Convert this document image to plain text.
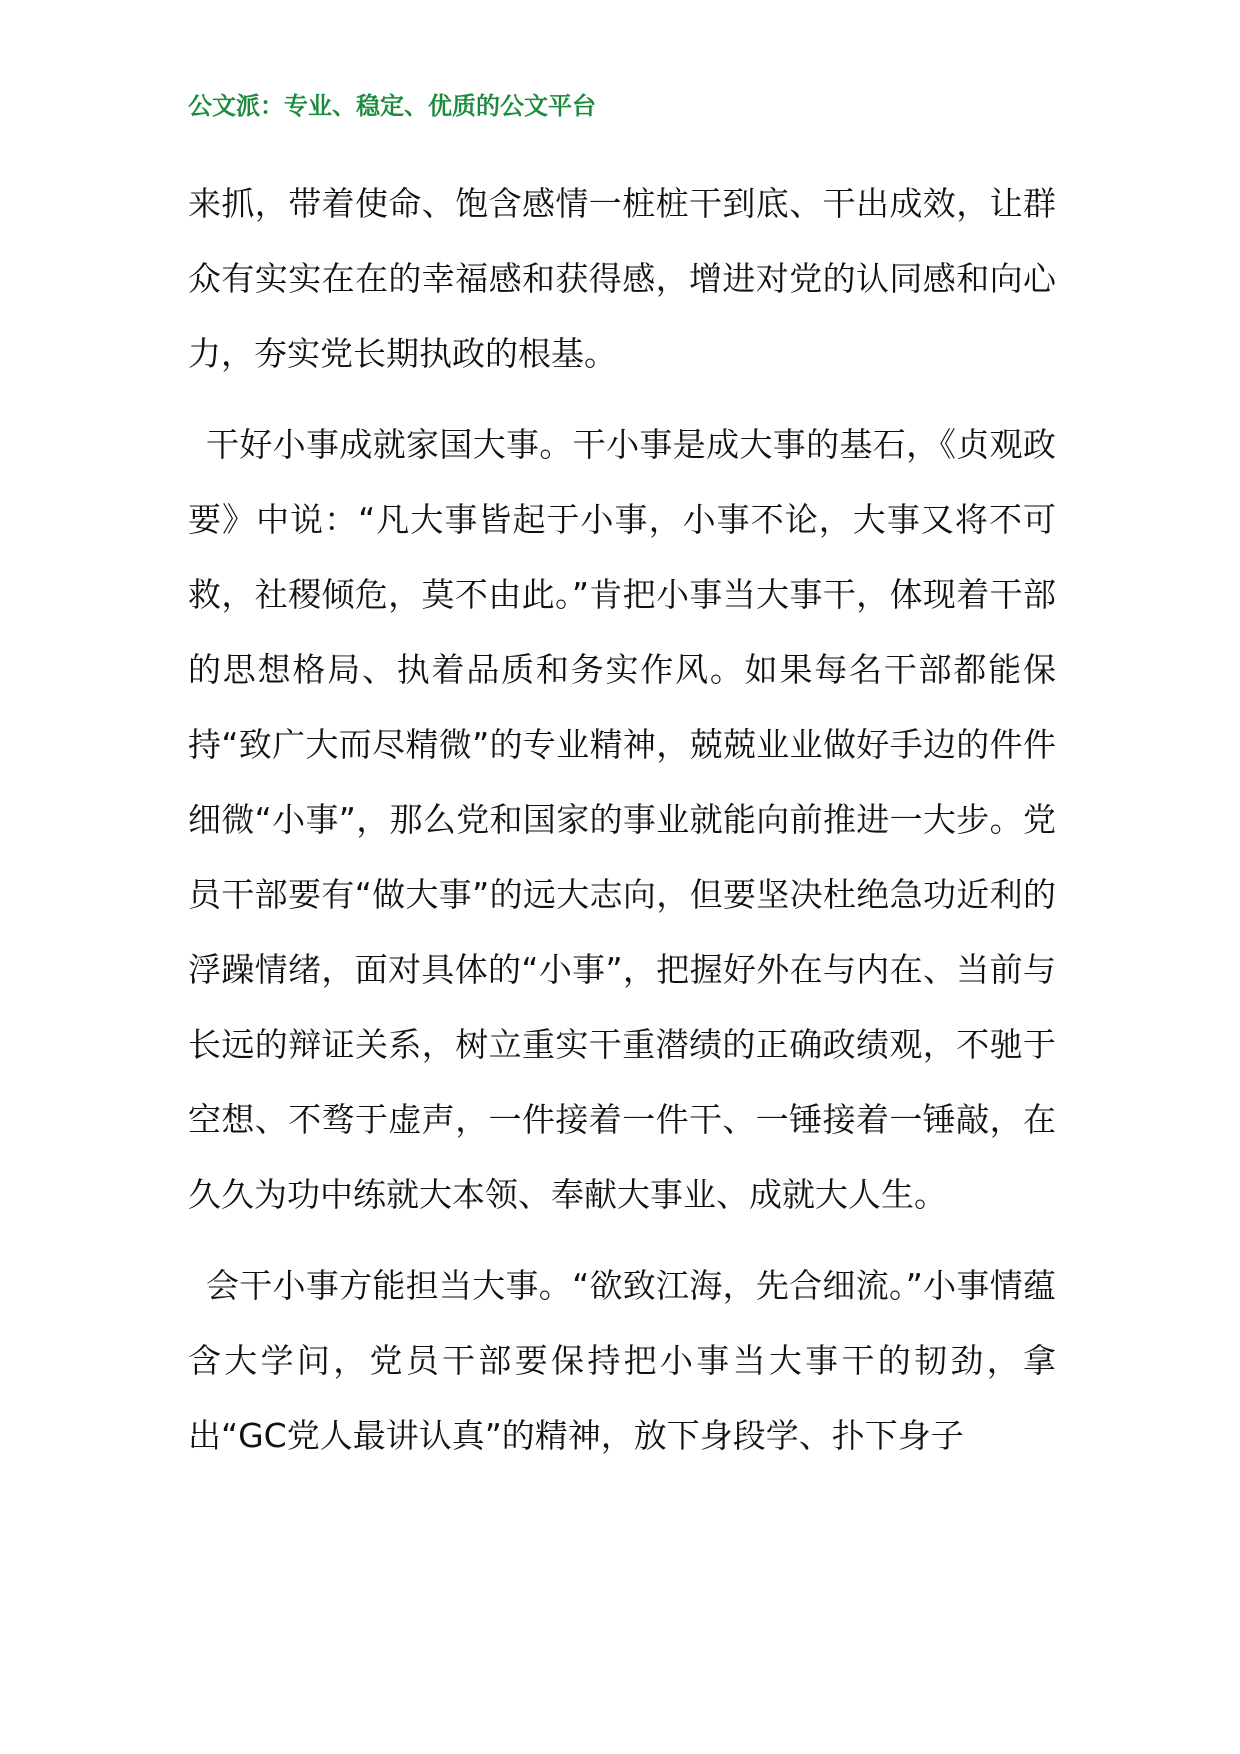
公文派：专业、稳定、优质的公文平台

来抓，带着使命、饱含感情一桩桩干到底、干出成效，让群众有实实在在的幸福感和获得感，增进对党的认同感和向心力，夯实党长期执政的根基。

干好小事成就家国大事。干小事是成大事的基石，《贞观政要》中说：“凡大事皆起于小事，小事不论，大事又将不可救，社稷倾危，莫不由此。”肯把小事当大事干，体现着干部的思想格局、执着品质和务实作风。如果每名干部都能保持“致广大而尽精微”的专业精神，兢兢业业做好手边的件件细微“小事”，那么党和国家的事业就能向前推进一大步。党员干部要有“做大事”的远大志向，但要坚决杜绝急功近利的浮躁情绪，面对具体的“小事”，把握好外在与内在、当前与长远的辩证关系，树立重实干重潜绩的正确政绩观，不驰于空想、不骛于虚声，一件接着一件干、一锤接着一锤敲，在久久为功中练就大本领、奉献大事业、成就大人生。

会干小事方能担当大事。“欲致江海，先合细流。”小事情蕴含大学问，党员干部要保持把小事当大事干的韧劲，拿出“GC党人最讲认真”的精神，放下身段学、扑下身子
